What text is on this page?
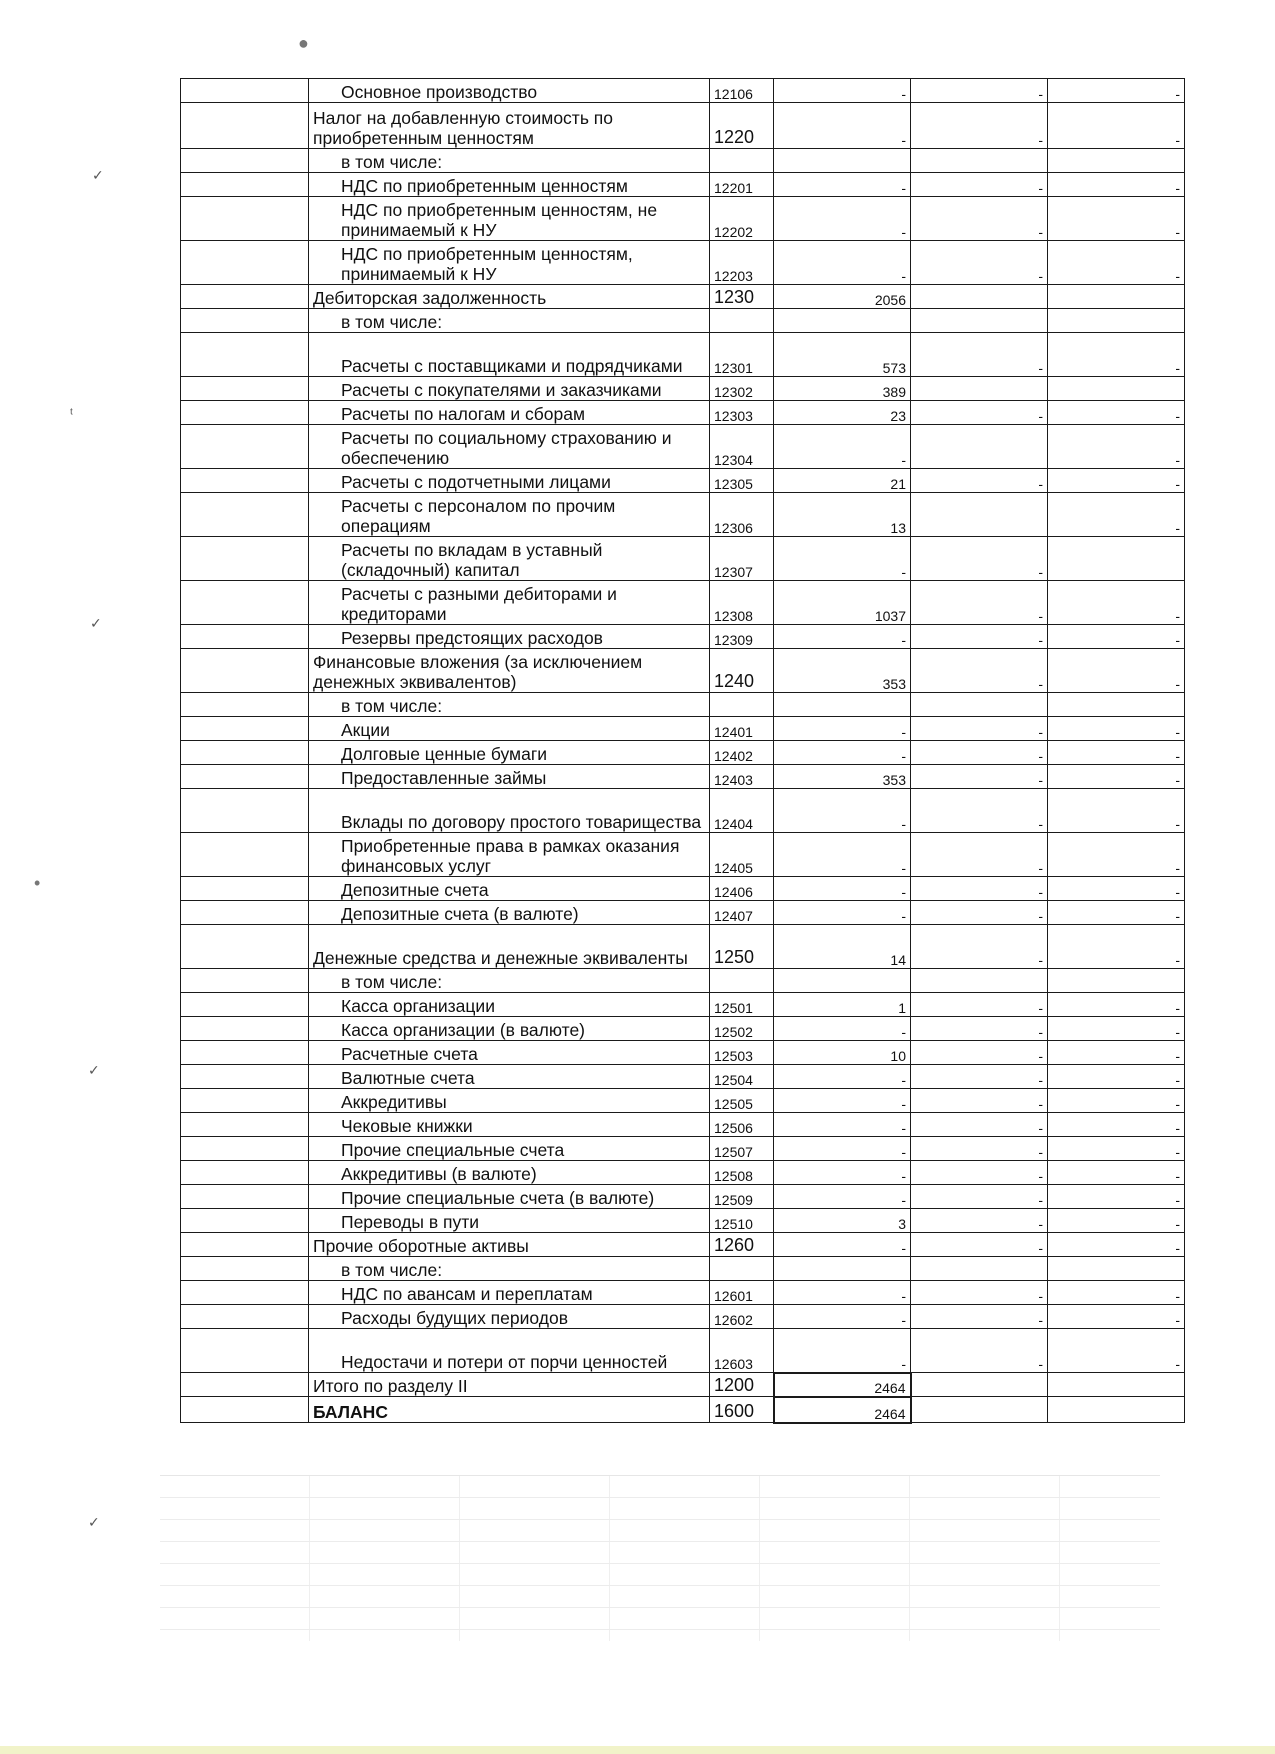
●
✓
ᵗ
✓
•
✓
✓
	Основное производство	12106	-	-	-
	Налог на добавленную стоимость по приобретенным ценностям	1220	-	-	-
	в том числе:				
	НДС по приобретенным ценностям	12201	-	-	-
	НДС по приобретенным ценностям, не принимаемый к НУ	12202	-	-	-
	НДС по приобретенным ценностям, принимаемый к НУ	12203	-	-	-
	Дебиторская задолженность	1230	2056		
	в том числе:				
	Расчеты с поставщиками и подрядчиками	12301	573	-	-
	Расчеты с покупателями и заказчиками	12302	389		
	Расчеты по налогам и сборам	12303	23	-	-
	Расчеты по социальному страхованию и обеспечению	12304	-		-
	Расчеты с подотчетными лицами	12305	21	-	-
	Расчеты с персоналом по прочим операциям	12306	13		-
	Расчеты по вкладам в уставный (складочный) капитал	12307	-	-	
	Расчеты с разными дебиторами и кредиторами	12308	1037	-	-
	Резервы предстоящих расходов	12309	-	-	-
	Финансовые вложения (за исключением денежных эквивалентов)	1240	353	-	-
	в том числе:				
	Акции	12401	-	-	-
	Долговые ценные бумаги	12402	-	-	-
	Предоставленные займы	12403	353	-	-
	Вклады по договору простого товарищества	12404	-	-	-
	Приобретенные права в рамках оказания финансовых услуг	12405	-	-	-
	Депозитные счета	12406	-	-	-
	Депозитные счета (в валюте)	12407	-	-	-
	Денежные средства и денежные эквиваленты	1250	14	-	-
	в том числе:				
	Касса организации	12501	1	-	-
	Касса организации (в валюте)	12502	-	-	-
	Расчетные счета	12503	10	-	-
	Валютные счета	12504	-	-	-
	Аккредитивы	12505	-	-	-
	Чековые книжки	12506	-	-	-
	Прочие специальные счета	12507	-	-	-
	Аккредитивы (в валюте)	12508	-	-	-
	Прочие специальные счета (в валюте)	12509	-	-	-
	Переводы в пути	12510	3	-	-
	Прочие оборотные активы	1260	-	-	-
	в том числе:				
	НДС по авансам и переплатам	12601	-	-	-
	Расходы будущих периодов	12602	-	-	-
	Недостачи и потери от порчи ценностей	12603	-	-	-
	Итого по разделу II	1200	2464		
	БАЛАНС	1600	2464		
